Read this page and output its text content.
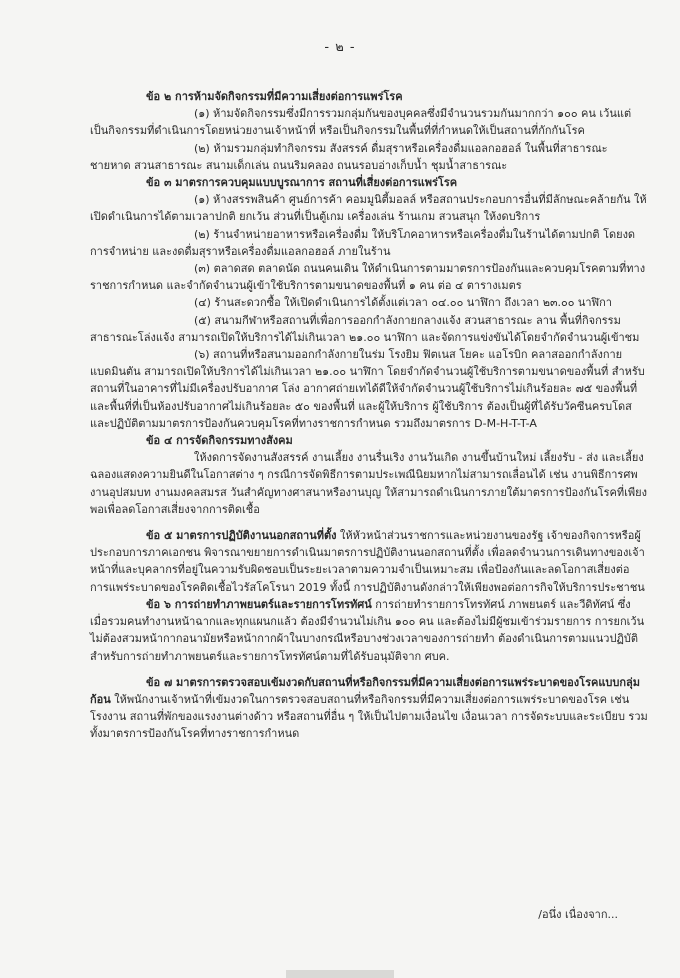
- ๒ -

ข้อ ๒ การห้ามจัดกิจกรรมที่มีความเสี่ยงต่อการแพร่โรค

(๑) ห้ามจัดกิจกรรมซึ่งมีการรวมกลุ่มกันของบุคคลซึ่งมีจำนวนรวมกันมากกว่า ๑๐๐ คน เว้นแต่ เป็นกิจกรรมที่ดำเนินการโดยหน่วยงานเจ้าหน้าที่ หรือเป็นกิจกรรมในพื้นที่ที่กำหนดให้เป็นสถานที่กักกันโรค

(๒) ห้ามรวมกลุ่มทำกิจกรรม สังสรรค์ ดื่มสุราหรือเครื่องดื่มแอลกอฮอล์ ในพื้นที่สาธารณะ ชายหาด สวนสาธารณะ สนามเด็กเล่น ถนนริมคลอง ถนนรอบอ่างเก็บน้ำ ชุมน้ำสาธารณะ

ข้อ ๓ มาตรการควบคุมแบบบูรณาการ สถานที่เสี่ยงต่อการแพร่โรค

(๑) ห้างสรรพสินค้า ศูนย์การค้า คอมมูนิตี้มอลล์ หรือสถานประกอบการอื่นที่มีลักษณะคล้ายกัน ให้เปิดดำเนินการได้ตามเวลาปกติ ยกเว้น ส่วนที่เป็นตู้เกม เครื่องเล่น ร้านเกม สวนสนุก ให้งดบริการ

(๒) ร้านจำหน่ายอาหารหรือเครื่องดื่ม ให้บริโภคอาหารหรือเครื่องดื่มในร้านได้ตามปกติ โดยงดการจำหน่าย และงดดื่มสุราหรือเครื่องดื่มแอลกอฮอล์ ภายในร้าน

(๓) ตลาดสด ตลาดนัด ถนนคนเดิน ให้ดำเนินการตามมาตรการป้องกันและควบคุมโรคตามที่ทางราชการกำหนด และจำกัดจำนวนผู้เข้าใช้บริการตามขนาดของพื้นที่ ๑ คน ต่อ ๔ ตารางเมตร

(๔) ร้านสะดวกซื้อ ให้เปิดดำเนินการได้ตั้งแต่เวลา ๐๔.๐๐ นาฬิกา ถึงเวลา ๒๓.๐๐ นาฬิกา

(๕) สนามกีฬาหรือสถานที่เพื่อการออกกำลังกายกลางแจ้ง สวนสาธารณะ ลาน พื้นที่กิจกรรมสาธารณะโล่งแจ้ง สามารถเปิดให้บริการได้ไม่เกินเวลา ๒๑.๐๐ นาฬิกา และจัดการแข่งขันได้โดยจำกัดจำนวนผู้เข้าชม

(๖) สถานที่หรือสนามออกกำลังกายในร่ม โรงยิม ฟิตเนส โยคะ แอโรบิก คลาสออกกำลังกาย แบดมินตัน สามารถเปิดให้บริการได้ไม่เกินเวลา ๒๑.๐๐ นาฬิกา โดยจำกัดจำนวนผู้ใช้บริการตามขนาดของพื้นที่ สำหรับสถานที่ในอาคารที่ไม่มีเครื่องปรับอากาศ โล่ง อากาศถ่ายเทได้ดีให้จำกัดจำนวนผู้ใช้บริการไม่เกินร้อยละ ๗๕ ของพื้นที่ และพื้นที่ที่เป็นห้องปรับอากาศไม่เกินร้อยละ ๕๐ ของพื้นที่ และผู้ให้บริการ ผู้ใช้บริการ ต้องเป็นผู้ที่ได้รับวัคซีนครบโดส และปฏิบัติตามมาตรการป้องกันควบคุมโรคที่ทางราชการกำหนด รวมถึงมาตรการ D-M-H-T-T-A

ข้อ ๔ การจัดกิจกรรมทางสังคม

ให้งดการจัดงานสังสรรค์ งานเลี้ยง งานรื่นเริง งานวันเกิด งานขึ้นบ้านใหม่ เลี้ยงรับ - ส่ง และเลี้ยงฉลองแสดงความยินดีในโอกาสต่าง ๆ กรณีการจัดพิธีการตามประเพณีนิยมหากไม่สามารถเลื่อนได้ เช่น งานพิธีการศพ งานอุปสมบท งานมงคลสมรส วันสำคัญทางศาสนาหรืองานบุญ ให้สามารถดำเนินการภายใต้มาตรการป้องกันโรคที่เพียงพอเพื่อลดโอกาสเสี่ยงจากการติดเชื้อ

ข้อ ๕ มาตรการปฏิบัติงานนอกสถานที่ตั้ง ให้หัวหน้าส่วนราชการและหน่วยงานของรัฐ เจ้าของกิจการหรือผู้ประกอบการภาคเอกชน พิจารณาขยายการดำเนินมาตรการปฏิบัติงานนอกสถานที่ตั้ง เพื่อลดจำนวนการเดินทางของเจ้าหน้าที่และบุคลากรที่อยู่ในความรับผิดชอบเป็นระยะเวลาตามความจำเป็นเหมาะสม เพื่อป้องกันและลดโอกาสเสี่ยงต่อการแพร่ระบาดของโรคติดเชื้อไวรัสโคโรนา 2019 ทั้งนี้ การปฏิบัติงานดังกล่าวให้เพียงพอต่อการกิจให้บริการประชาชน

ข้อ ๖ การถ่ายทำภาพยนตร์และรายการโทรทัศน์ การถ่ายทำรายการโทรทัศน์ ภาพยนตร์ และวีดิทัศน์ ซึ่งเมื่อรวมคนทำงานหน้าฉากและทุกแผนกแล้ว ต้องมีจำนวนไม่เกิน ๑๐๐ คน และต้องไม่มีผู้ชมเข้าร่วมรายการ การยกเว้นไม่ต้องสวมหน้ากากอนามัยหรือหน้ากากผ้าในบางกรณีหรือบางช่วงเวลาของการถ่ายทำ ต้องดำเนินการตามแนวปฏิบัติสำหรับการถ่ายทำภาพยนตร์และรายการโทรทัศน์ตามที่ได้รับอนุมัติจาก ศบค.

ข้อ ๗ มาตรการตรวจสอบเข้มงวดกับสถานที่หรือกิจกรรมที่มีความเสี่ยงต่อการแพร่ระบาดของโรคแบบกลุ่มก้อน ให้พนักงานเจ้าหน้าที่เข้มงวดในการตรวจสอบสถานที่หรือกิจกรรมที่มีความเสี่ยงต่อการแพร่ระบาดของโรค เช่น โรงงาน สถานที่พักของแรงงานต่างด้าว หรือสถานที่อื่น ๆ ให้เป็นไปตามเงื่อนไข เงื่อนเวลา การจัดระบบและระเบียบ รวมทั้งมาตรการป้องกันโรคที่ทางราชการกำหนด

/อนึ่ง เนื่องจาก...
